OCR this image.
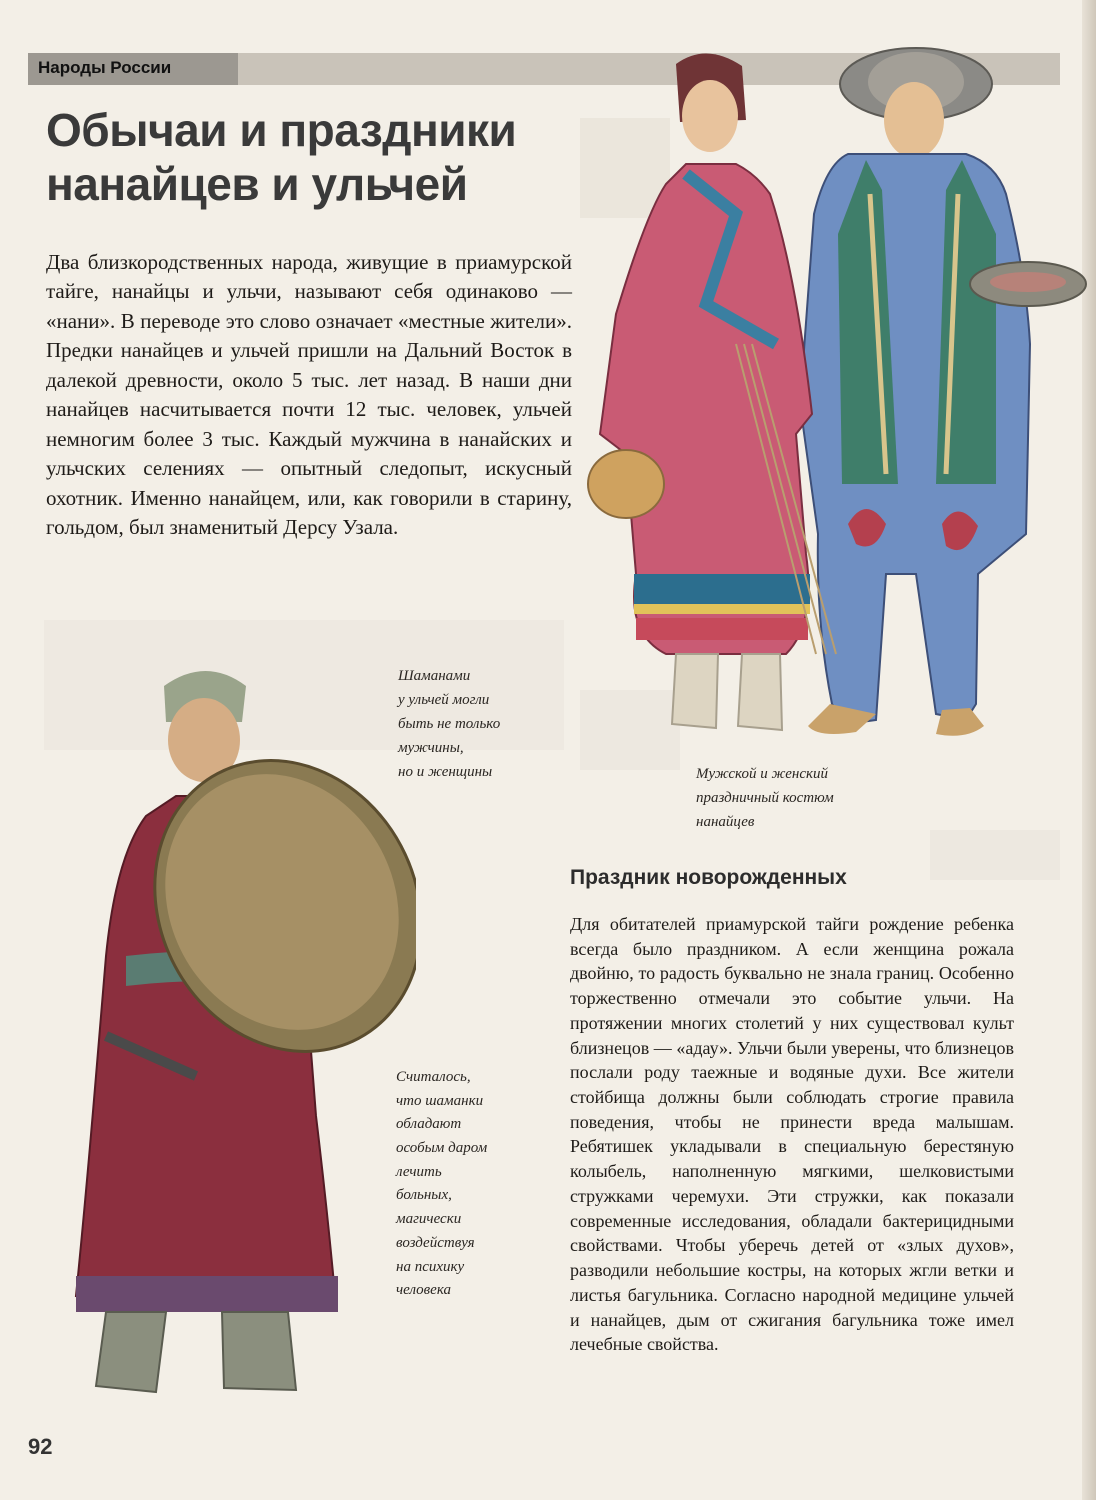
Народы России
Обычаи и праздники нанайцев и ульчей

Два близкородственных народа, живущие в приамурской тайге, нанайцы и ульчи, называют себя одинаково — «нани». В переводе это слово означает «местные жители». Предки нанайцев и ульчей пришли на Дальний Восток в далекой древности, около 5 тыс. лет назад. В наши дни нанайцев насчитывается почти 12 тыс. человек, ульчей немногим более 3 тыс. Каждый мужчина в нанайских и ульчских селениях — опытный следопыт, искусный охотник. Именно нанайцем, или, как говорили в старину, гольдом, был знаменитый Дерсу Узала.

Шаманами
у ульчей могли
быть не только
мужчины,
но и женщины	Мужской и женский
праздничный костюм
нанайцев

Считалось,
что шаманки
обладают
особым даром
лечить
больных,
магически
воздействуя
на психику
человека

Праздник новорожденных

Для обитателей приамурской тайги рождение ребенка всегда было праздником. А если женщина рожала двойню, то радость буквально не знала границ. Особенно торжественно отмечали это событие ульчи. На протяжении многих столетий у них существовал культ близнецов — «адау». Ульчи были уверены, что близнецов послали роду таежные и водяные духи. Все жители стойбища должны были соблюдать строгие правила поведения, чтобы не принести вреда малышам. Ребятишек укладывали в специальную берестяную колыбель, наполненную мягкими, шелковистыми стружками черемухи. Эти стружки, как показали современные исследования, обладали бактерицидными свойствами. Чтобы уберечь детей от «злых духов», разводили небольшие костры, на которых жгли ветки и листья багульника. Согласно народной медицине ульчей и нанайцев, дым от сжигания багульника тоже имел лечебные свойства.

92
